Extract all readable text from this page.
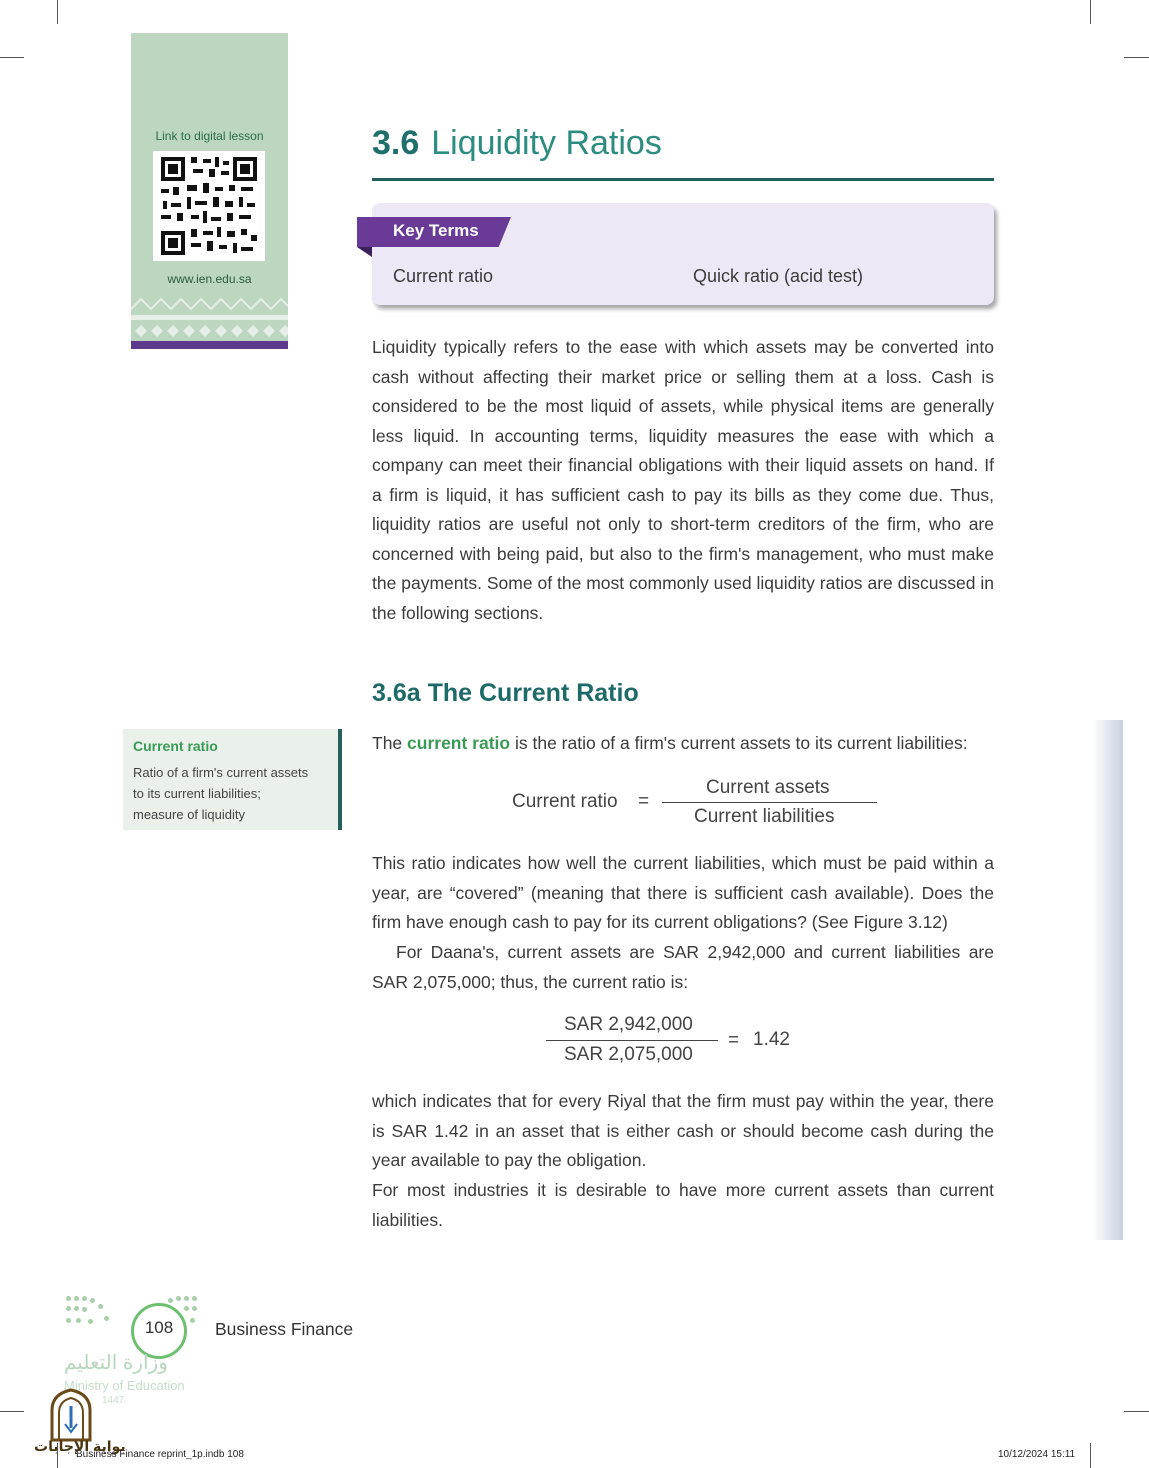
Link to digital lesson
www.ien.edu.sa
3.6 Liquidity Ratios
Key Terms
Current ratio	Quick ratio (acid test)
Liquidity typically refers to the ease with which assets may be converted into cash without affecting their market price or selling them at a loss. Cash is considered to be the most liquid of assets, while physical items are generally less liquid. In accounting terms, liquidity measures the ease with which a company can meet their financial obligations with their liquid assets on hand. If a firm is liquid, it has sufficient cash to pay its bills as they come due. Thus, liquidity ratios are useful not only to short-term creditors of the firm, who are concerned with being paid, but also to the firm's management, who must make the payments. Some of the most commonly used liquidity ratios are discussed in the following sections.
3.6a The Current Ratio
Current ratio
Ratio of a firm's current assets
to its current liabilities;
measure of liquidity
The current ratio is the ratio of a firm's current assets to its current liabilities:
Current ratio =
Current assets
Current liabilities
This ratio indicates how well the current liabilities, which must be paid within a year, are “covered” (meaning that there is sufficient cash available). Does the firm have enough cash to pay for its current obligations? (See Figure 3.12)
For Daana's, current assets are SAR 2,942,000 and current liabilities are SAR 2,075,000; thus, the current ratio is:
SAR 2,942,000
SAR 2,075,000
= 1.42
which indicates that for every Riyal that the firm must pay within the year, there is SAR 1.42 in an asset that is either cash or should become cash during the year available to pay the obligation.
For most industries it is desirable to have more current assets than current liabilities.
108	Business Finance
وزارة التعليم
Ministry of Education
1447
بوابة الإجابات
Business Finance reprint_1p.indb 108	10/12/2024 15:11
